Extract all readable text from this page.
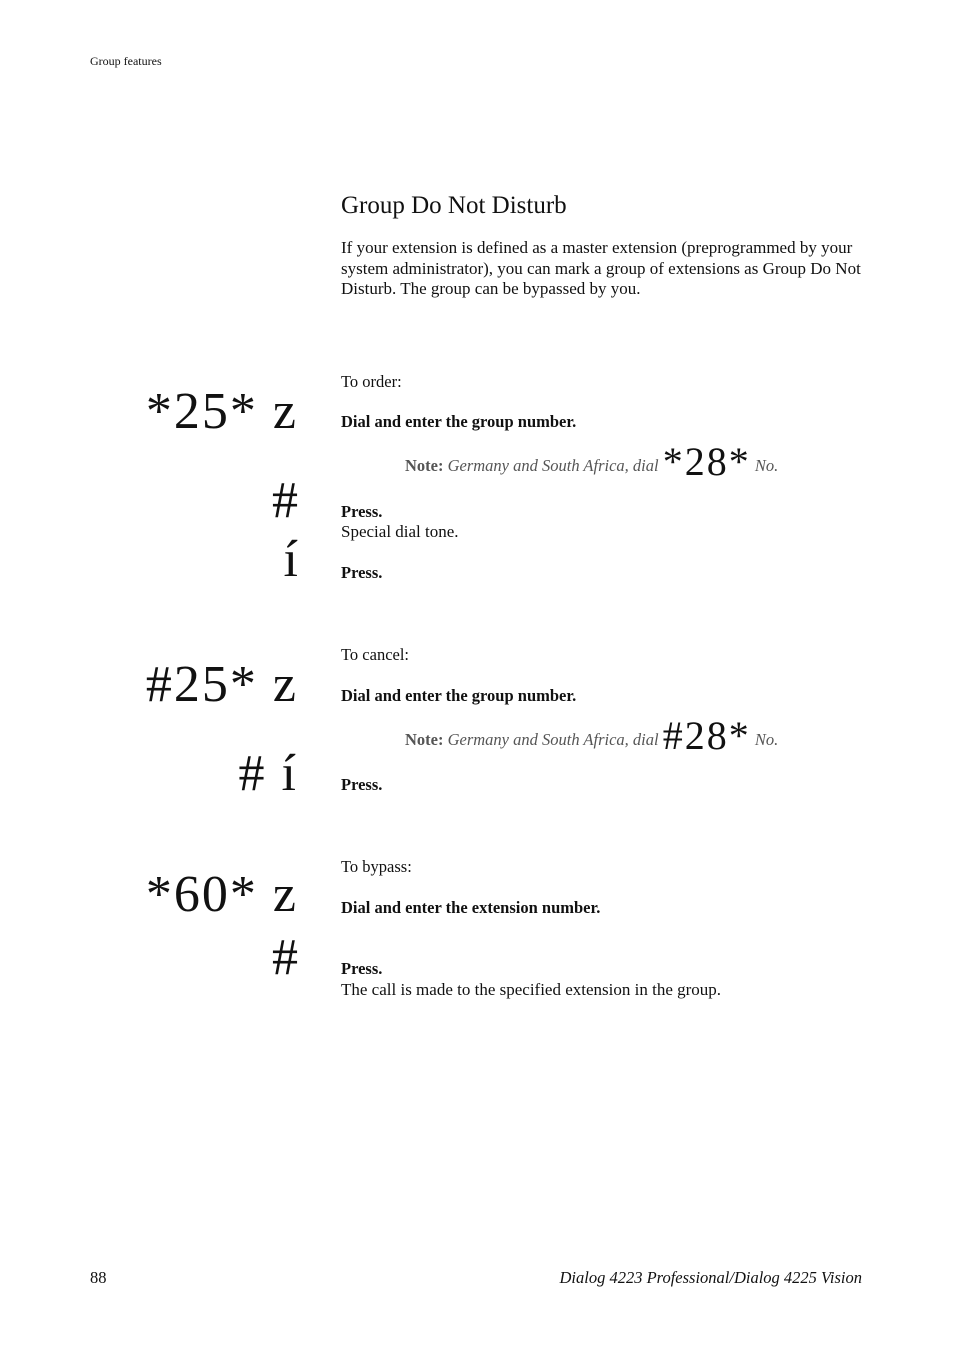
Group features
Group Do Not Disturb
If your extension is defined as a master extension (preprogrammed by your system administrator), you can mark a group of extensions as Group Do Not Disturb. The group can be bypassed by you.
To order:
*25* z	Dial and enter the group number.
Note: Germany and South Africa, dial *28* No.
#	Press.
Special dial tone.
í	Press.
To cancel:
#25* z	Dial and enter the group number.
Note: Germany and South Africa, dial #28* No.
# í	Press.
To bypass:
*60* z	Dial and enter the extension number.
#	Press.
The call is made to the specified extension in the group.
88	Dialog 4223 Professional/Dialog 4225 Vision
